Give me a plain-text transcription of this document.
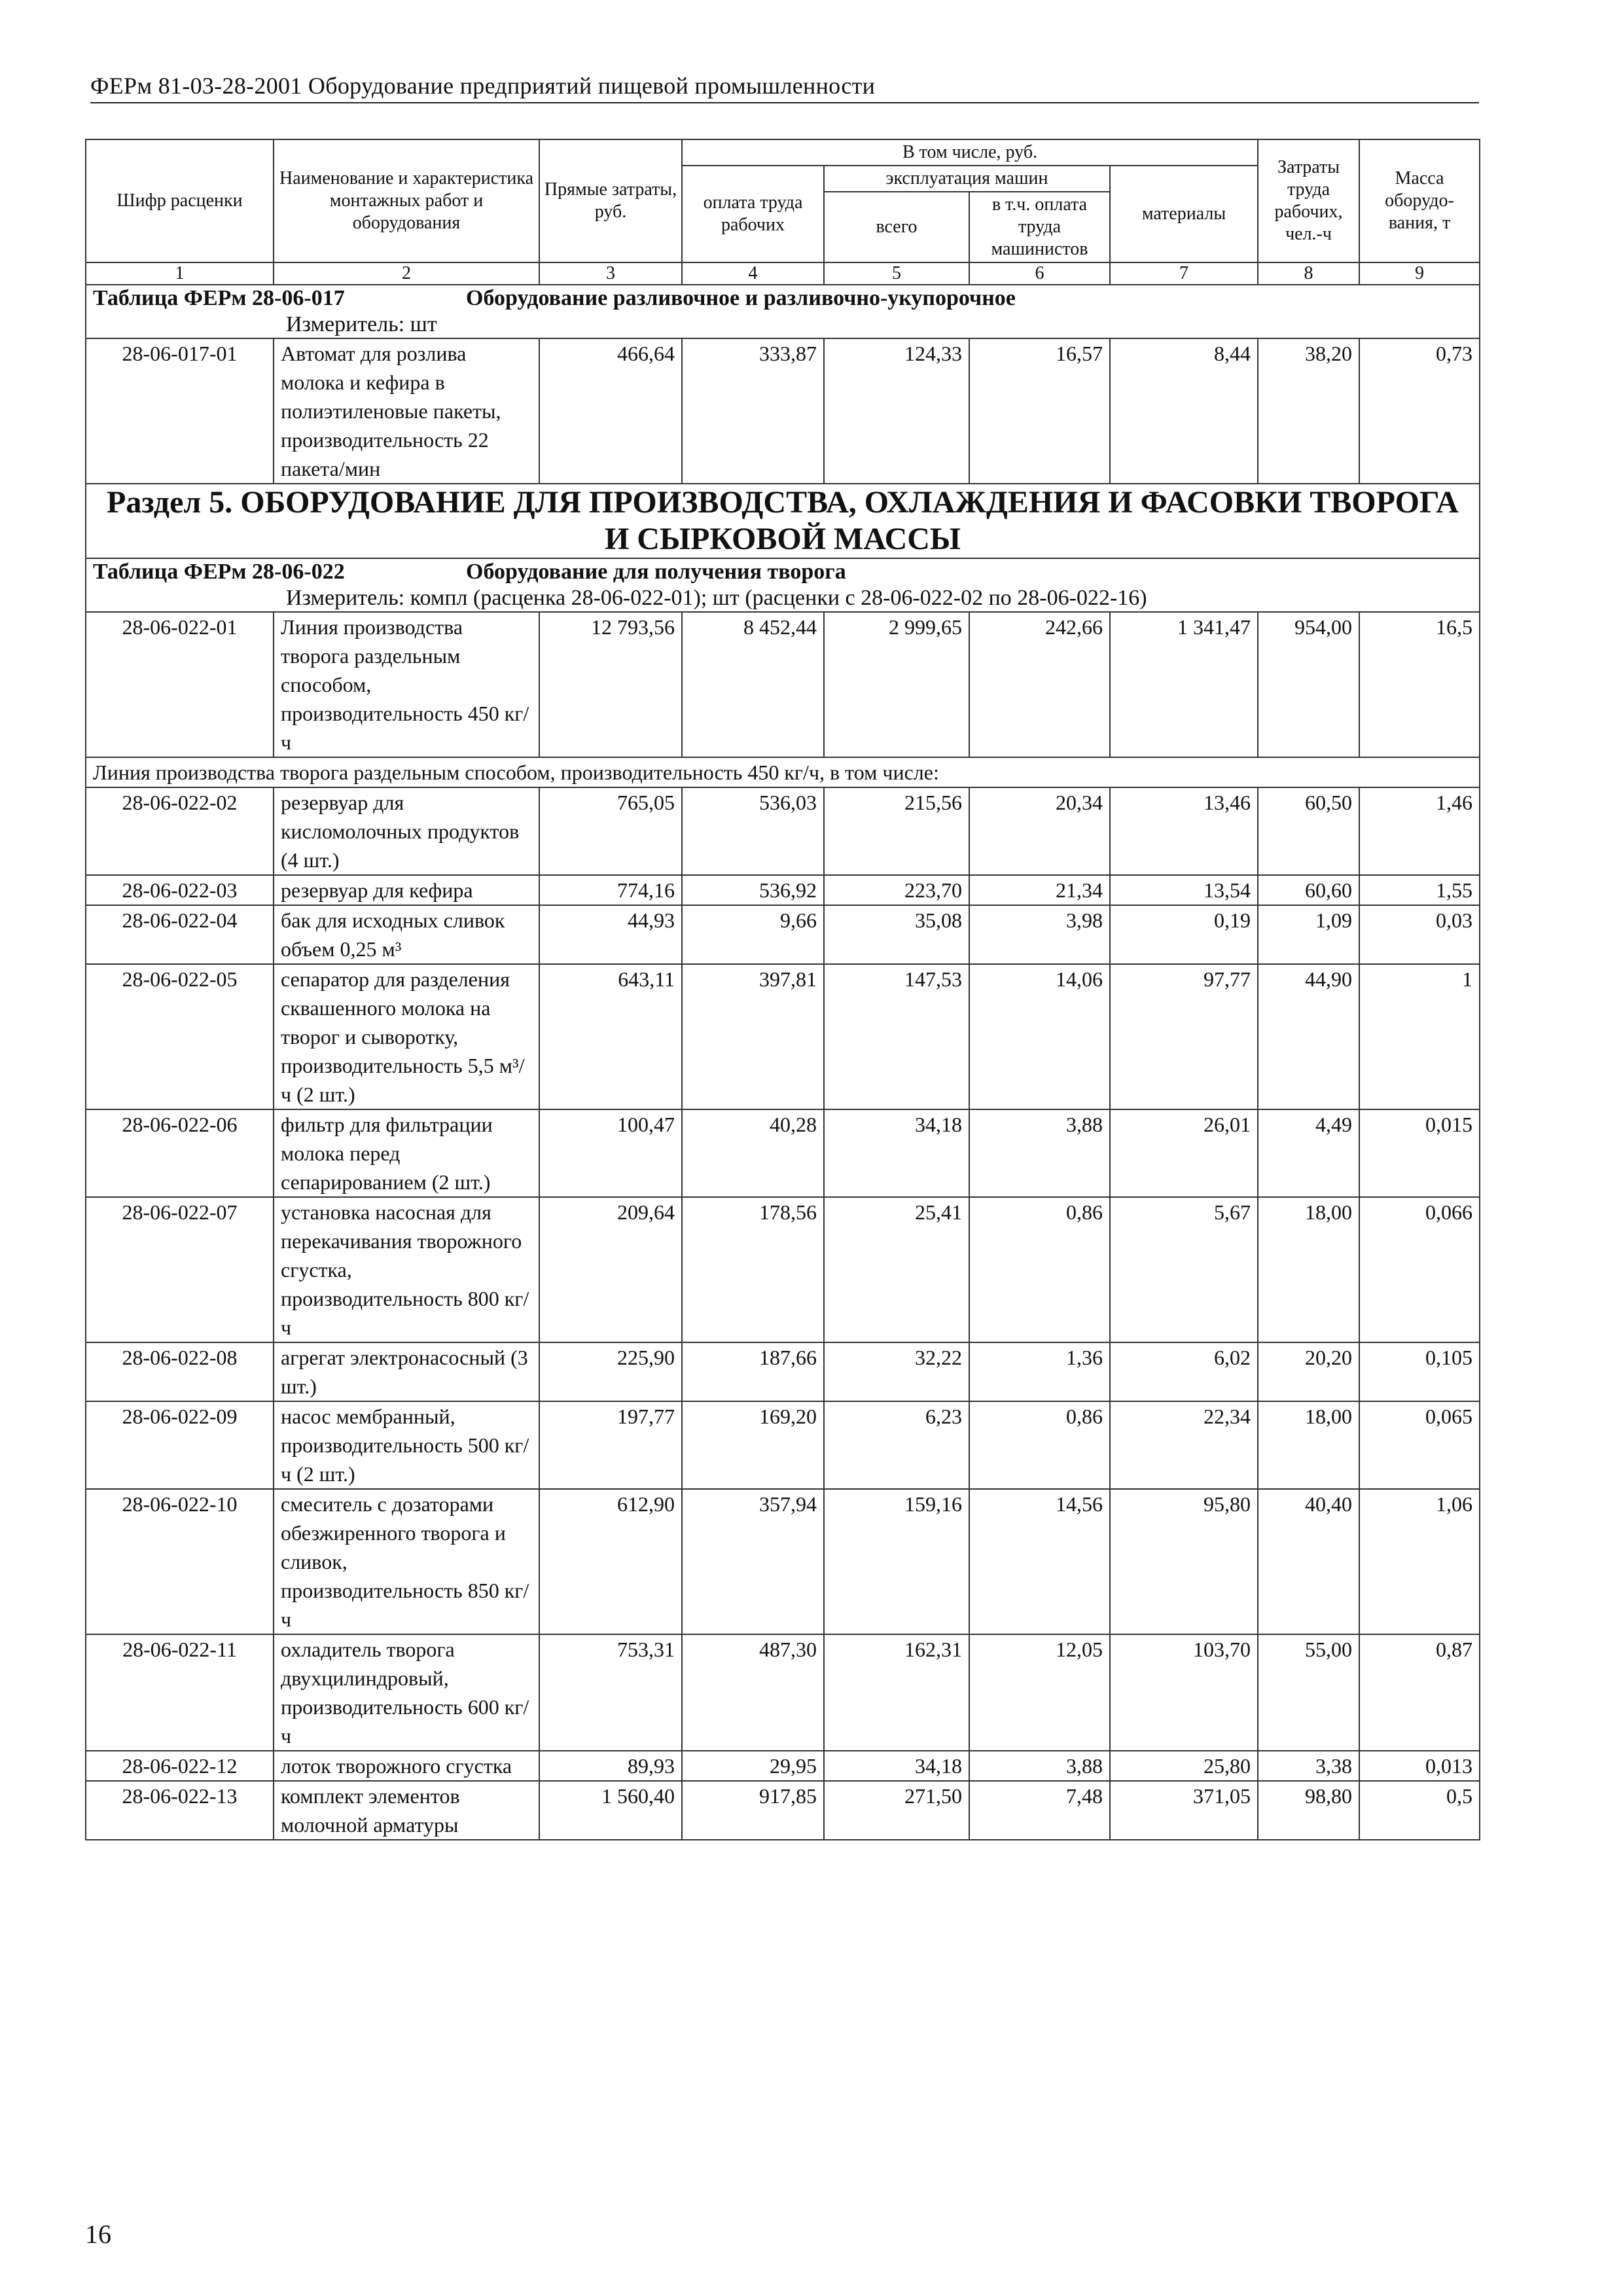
ФЕРм 81-03-28-2001 Оборудование предприятий пищевой промышленности
Шифр расценки	Наименование и характеристика монтажных работ и оборудования	Прямые затраты, руб.	В том числе, руб.				Затраты труда рабочих, чел.-ч	Масса оборудо-вания, т
			оплата труда рабочих	эксплуатация машин		материалы		
				всего	в т.ч. оплата труда машинистов			
1	2	3	4	5	6	7	8	9
Таблица ФЕРм 28-06-017 Оборудование разливочное и разливочно-укупорочное
Измеритель: шт								

28-06-017-01	Автомат для розлива молока и кефира в полиэтиленовые пакеты, производительность 22 пакета/мин	466,64	333,87	124,33	16,57	8,44	38,20	0,73
Раздел 5. ОБОРУДОВАНИЕ ДЛЯ ПРОИЗВОДСТВА, ОХЛАЖДЕНИЯ И ФАСОВКИ ТВОРОГА И СЫРКОВОЙ МАССЫ								
Таблица ФЕРм 28-06-022 Оборудование для получения творога
Измеритель: компл (расценка 28-06-022-01); шт (расценки с 28-06-022-02 по 28-06-022-16)								

28-06-022-01	Линия производства творога раздельным способом, производительность 450 кг/ч	12 793,56	8 452,44	2 999,65	242,66	1 341,47	954,00	16,5
Линия производства творога раздельным способом, производительность 450 кг/ч, в том числе:								
28-06-022-02	резервуар для кисломолочных продуктов (4 шт.)	765,05	536,03	215,56	20,34	13,46	60,50	1,46
28-06-022-03	резервуар для кефира	774,16	536,92	223,70	21,34	13,54	60,60	1,55
28-06-022-04	бак для исходных сливок объем 0,25 м³	44,93	9,66	35,08	3,98	0,19	1,09	0,03
28-06-022-05	сепаратор для разделения сквашенного молока на творог и сыворотку, производительность 5,5 м³/ч (2 шт.)	643,11	397,81	147,53	14,06	97,77	44,90	1
28-06-022-06	фильтр для фильтрации молока перед сепарированием (2 шт.)	100,47	40,28	34,18	3,88	26,01	4,49	0,015
28-06-022-07	установка насосная для перекачивания творожного сгустка, производительность 800 кг/ч	209,64	178,56	25,41	0,86	5,67	18,00	0,066
28-06-022-08	агрегат электронасосный (3 шт.)	225,90	187,66	32,22	1,36	6,02	20,20	0,105
28-06-022-09	насос мембранный, производительность 500 кг/ч (2 шт.)	197,77	169,20	6,23	0,86	22,34	18,00	0,065
28-06-022-10	смеситель с дозаторами обезжиренного творога и сливок, производительность 850 кг/ч	612,90	357,94	159,16	14,56	95,80	40,40	1,06
28-06-022-11	охладитель творога двухцилиндровый, производительность 600 кг/ч	753,31	487,30	162,31	12,05	103,70	55,00	0,87
28-06-022-12	лоток творожного сгустка	89,93	29,95	34,18	3,88	25,80	3,38	0,013
28-06-022-13	комплект элементов молочной арматуры	1 560,40	917,85	271,50	7,48	371,05	98,80	0,5
16
